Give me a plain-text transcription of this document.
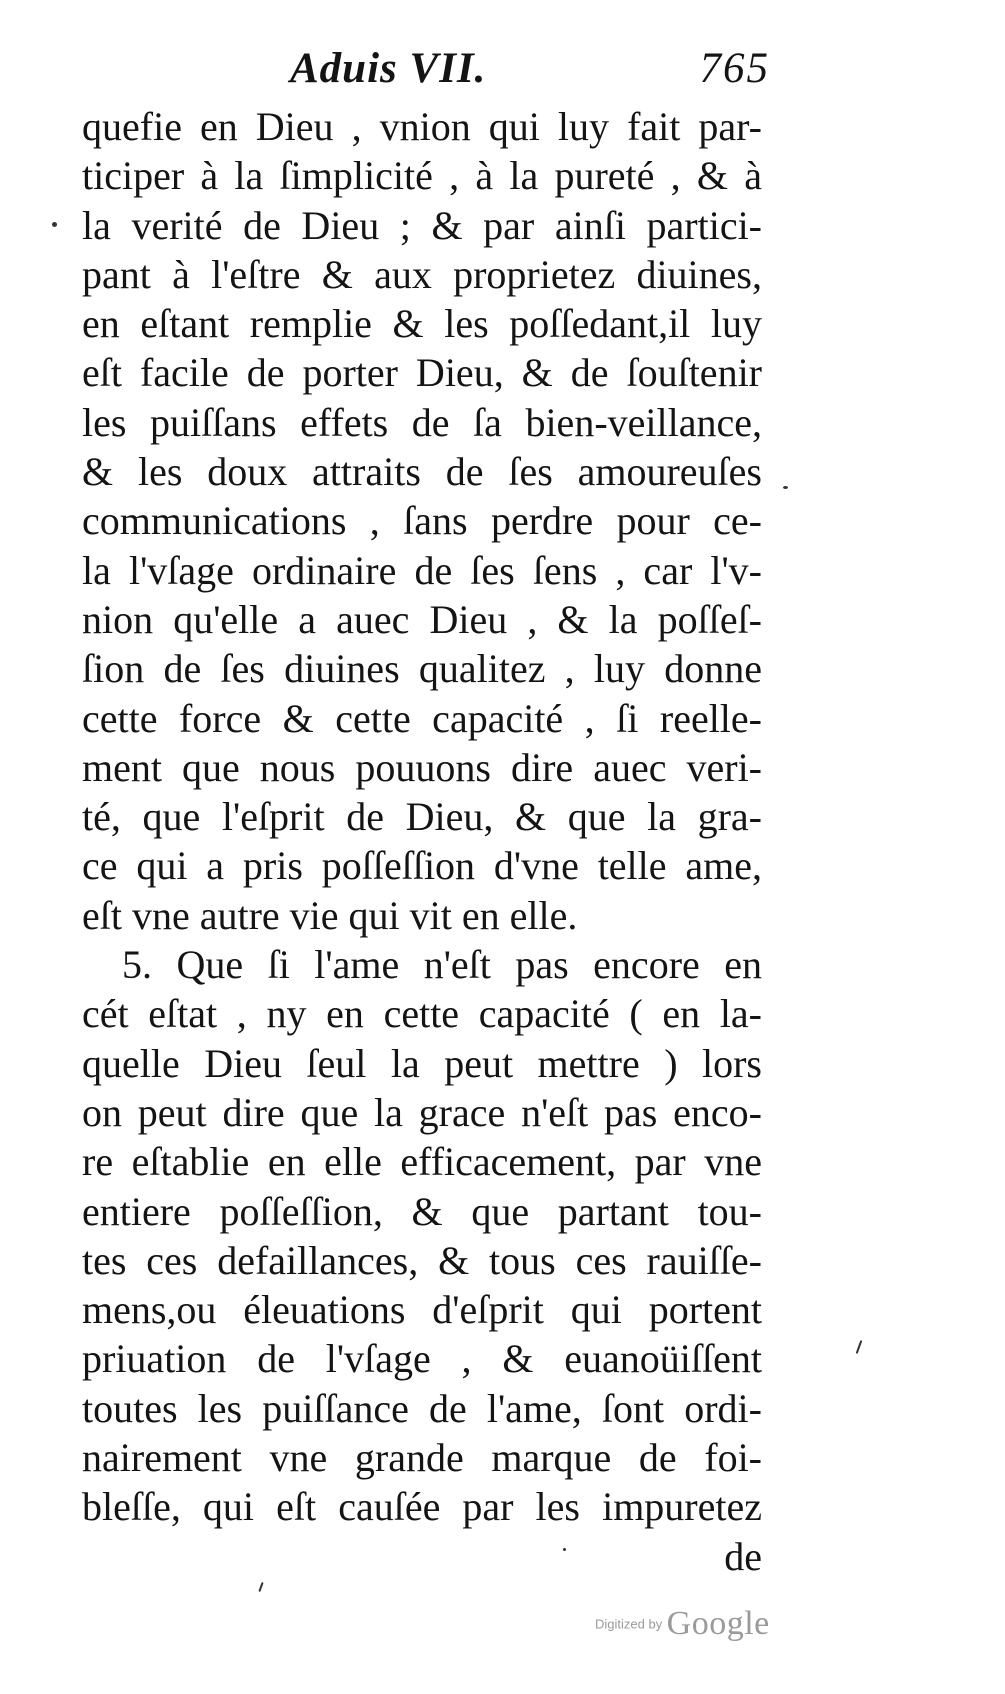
Aduis VII.	765
quefie en Dieu , vnion qui luy fait par-
ticiper à la ſimplicité , à la pureté , & à
la verité de Dieu ; & par ainſi partici-
pant à l'eſtre & aux proprietez diuines,
en eſtant remplie & les poſſedant,il luy
eſt facile de porter Dieu, & de ſouſtenir
les puiſſans effets de ſa bien-veillance,
& les doux attraits de ſes amoureuſes
communications , ſans perdre pour ce-
la l'vſage ordinaire de ſes ſens , car l'v-
nion qu'elle a auec Dieu , & la poſſeſ-
ſion de ſes diuines qualitez , luy donne
cette force & cette capacité , ſi reelle-
ment que nous pouuons dire auec veri-
té, que l'eſprit de Dieu, & que la gra-
ce qui a pris poſſeſſion d'vne telle ame,
eſt vne autre vie qui vit en elle.
5. Que ſi l'ame n'eſt pas encore en
cét eſtat , ny en cette capacité ( en la-
quelle Dieu ſeul la peut mettre ) lors
on peut dire que la grace n'eſt pas enco-
re eſtablie en elle efficacement, par vne
entiere poſſeſſion, & que partant tou-
tes ces defaillances, & tous ces rauiſſe-
mens,ou éleuations d'eſprit qui portent
priuation de l'vſage , & euanoüiſſent
toutes les puiſſance de l'ame, ſont ordi-
nairement vne grande marque de foi-
bleſſe, qui eſt cauſée par les impuretez
de
Digitized by Google
